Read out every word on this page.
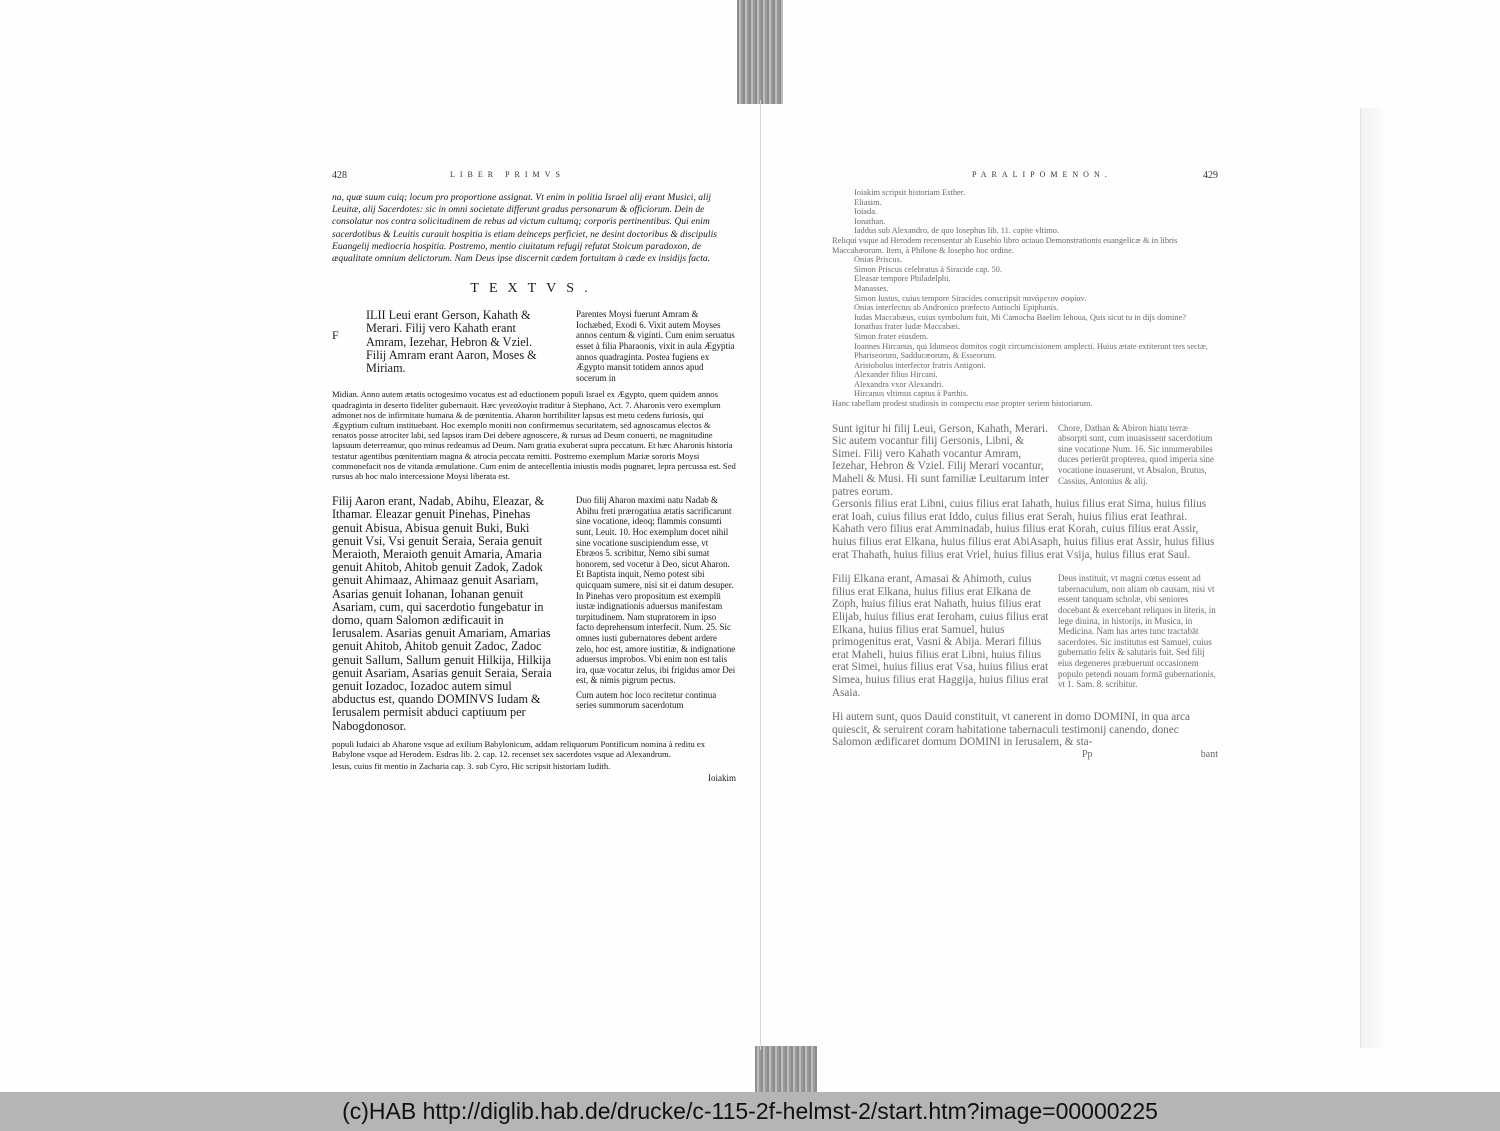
428	LIBER PRIMVS

na, quæ suum cuiq; locum pro proportione assignat. Vt enim in politia Israel alij erant Musici, alij Leuitæ, alij Sacerdotes: sic in omni societate differunt gradus personarum & officiorum. Dein de consolatur nos contra solicitudinem de rebus ad victum cultumq; corporis pertinentibus. Qui enim sacerdotibus & Leuitis curauit hospitia is etiam deinceps perficiet, ne desint doctoribus & discipulis Euangelij mediocria hospitia. Postremo, mentio ciuitatum refugij refutat Stoicum paradoxon, de æqualitate omnium delictorum. Nam Deus ipse discernit cædem fortuitam à cæde ex insidijs facta.

TEXTVS.
F

ILII Leui erant Gerson, Kahath & Merari. Filij vero Kahath erant Amram, Iezehar, Hebron & Vziel. Filij Amram erant Aaron, Moses & Miriam.

Parentes Moysi fuerunt Amram & Iochæbed, Exodi 6. Vixit autem Moyses annos centum & viginti. Cum enim seruatus esset à filia Pharaonis, vixit in aula Ægyptia annos quadraginta. Postea fugiens ex Ægypto mansit totidem annos apud socerum in

Midian. Anno autem ætatis octogesimo vocatus est ad eductionem populi Israel ex Ægypto, quem quidem annos quadraginta in deserto fideliter gubernauit. Hæc γενεαλογία traditur à Stephano, Act. 7. Aharonis vero exemplum admonet nos de infirmitate humana & de pœnitentia. Aharon horribiliter lapsus est metu cedens furiosis, qui Ægyptium cultum instituebant. Hoc exemplo moniti non confirmemus securitatem, sed agnoscamus electos & renatos posse atrociter labi, sed lapsos iram Dei debere agnoscere, & rursus ad Deum conuerti, ne magnitudine lapsuum deterreamur, quo minus redeamus ad Deum. Nam gratia exuberat supra peccatum. Et hæc Aharonis historia testatur agentibus pœnitentiam magna & atrocia peccata remitti. Postremo exemplum Mariæ sororis Moysi commonefacit nos de vitanda æmulatione. Cum enim de antecellentia iniustis modis pugnaret, lepra percussa est. Sed rursus ab hoc malo intercessione Moysi liberata est.

Filij Aaron erant, Nadab, Abihu, Eleazar, & Ithamar. Eleazar genuit Pinehas, Pinehas genuit Abisua, Abisua genuit Buki, Buki genuit Vsi, Vsi genuit Seraia, Seraia genuit Meraioth, Meraioth genuit Amaria, Amaria genuit Ahitob, Ahitob genuit Zadok, Zadok genuit Ahimaaz, Ahimaaz genuit Asariam, Asarias genuit Iohanan, Iohanan genuit Asariam, cum, qui sacerdotio fungebatur in domo, quam Salomon ædificauit in Ierusalem. Asarias genuit Amariam, Amarias genuit Ahitob, Ahitob genuit Zadoc, Zadoc genuit Sallum, Sallum genuit Hilkija, Hilkija genuit Asariam, Asarias genuit Seraia, Seraia genuit Iozadoc, Iozadoc autem simul abductus est, quando DOMINVS Iudam & Ierusalem permisit abduci captiuum per Nabogdonosor.

Duo filij Aharon maximi natu Nadab & Abihu freti prærogatiua ætatis sacrificarunt sine vocatione, ideoq; flammis consumti sunt, Leuit. 10. Hoc exemplum docet nihil sine vocatione suscipiendum esse, vt Ebræos 5. scribitur, Nemo sibi sumat honorem, sed vocetur à Deo, sicut Aharon. Et Baptista inquit, Nemo potest sibi quicquam sumere, nisi sit ei datum desuper. In Pinehas vero propositum est exemplū iustæ indignationis aduersus manifestam turpitudinem. Nam stupratorem in ipso facto deprehensum interfecit. Num. 25. Sic omnes iusti gubernatores debent ardere zelo, hoc est, amore iustitiæ, & indignatione aduersus improbos. Vbi enim non est talis ira, quæ vocatur zelus, ibi frigidus amor Dei est, & nimis pigrum pectus.

Cum autem hoc loco recitetur continua series summorum sacerdotum

populi Iudaici ab Aharone vsque ad exilium Babylonicum, addam reliquorum Pontificum nomina à reditu ex Babylone vsque ad Herodem. Esdras lib. 2. cap. 12. recenset sex sacerdotes vsque ad Alexandrum.

Iesus, cuius fit mentio in Zacharia cap. 3. sub Cyro, Hic scripsit historiam Iudith.

Ioiakim
PARALIPOMENON.	429
Ioiakim scripsit historiam Esther.
Eliasim.
Ioiada.
Ionathan.
Iaddus sub Alexandro, de quo Iosephus lib. 11. capite vltimo.
Reliqui vsque ad Herodem recensentur ab Eusebio libro octauo Demonstrationis euangelicæ & in libris Maccabæorum. Item, à Philone & Iosepho hoc ordine.
Onias Priscus.
Simon Priscus celebratus à Siracide cap. 50.
Eleasar tempore Philadelphi.
Manasses.
Simon Iustus, cuius tempore Siracides conscripsit πανάρετον σοφίαν.
Onias interfectus ab Andronico præfecto Antiochi Epiphanis.
Iudas Maccabæus, cuius symbolum fuit, Mi Camocha Baelim Iehoua, Quis sicut tu in dijs domine?
Ionathas frater Iudæ Maccabæi.
Simon frater eiusdem.
Ioannes Hircanus, qui Idumeos domitos cogit circumcisionem amplecti. Huius ætate extiterunt tres sectæ, Phariseorum, Sadducæorum, & Esseorum.
Aristobolus interfector fratris Antigoni.
Alexander filius Hircani.
Alexandra vxor Alexandri.
Hircanus vltimus captus à Parthis.
Hanc tabellam prodest studiosis in conspectu esse propter seriem historiarum.

Sunt igitur hi filij Leui, Gerson, Kahath, Merari. Sic autem vocantur filij Gersonis, Libni, & Simei. Filij vero Kahath vocantur Amram, Iezehar, Hebron & Vziel. Filij Merari vocantur, Maheli & Musi. Hi sunt familiæ Leuitarum inter patres eorum.

Chore, Dathan & Abiron hiatu terræ absorpti sunt, cum inuasissent sacerdotium sine vocatione Num. 16. Sic innumerabiles duces perierūt propterea, quod imperia sine vocatione inuaserunt, vt Absalon, Brutus, Cassius, Antonius & alij.

Gersonis filius erat Libni, cuius filius erat Iahath, huius filius erat Sima, huius filius erat Ioah, cuius filius erat Iddo, cuius filius erat Serah, huius filius erat Ieathrai. Kahath vero filius erat Amminadab, huius filius erat Korah, cuius filius erat Assir, huius filius erat Elkana, huius filius erat AbiAsaph, huius filius erat Assir, huius filius erat Thahath, huius filius erat Vriel, huius filius erat Vsija, huius filius erat Saul.

Filij Elkana erant, Amasai & Ahimoth, cuius filius erat Elkana, huius filius erat Elkana de Zoph, huius filius erat Nahath, huius filius erat Elijab, huius filius erat Ieroham, cuius filius erat Elkana, huius filius erat Samuel, huius primogenitus erat, Vasni & Abija. Merari filius erat Maheli, huius filius erat Libni, huius filius erat Simei, huius filius erat Vsa, huius filius erat Simea, huius filius erat Haggija, huius filius erat Asaia.

Deus instituit, vt magni cœtus essent ad tabernaculum, non aliam ob causam, nisi vt essent tanquam scholæ, vbi seniores docebant & exercebant reliquos in literis, in lege diuina, in historijs, in Musica, in Medicina. Nam has artes tunc tractabāt sacerdotes. Sic institutus est Samuel, cuius gubernatio felix & salutaris fuit. Sed filij eius degeneres præbuerunt occasionem populo petendi nouam formā gubernationis, vt 1. Sam. 8. scribitur.

Hi autem sunt, quos Dauid constituit, vt canerent in domo DOMINI, in qua arca quiescit, & seruirent coram habitatione tabernaculi testimonij canendo, donec Salomon ædificaret domum DOMINI in Ierusalem, & sta-

Pp	bant
(c)HAB http://diglib.hab.de/drucke/c-115-2f-helmst-2/start.htm?image=00000225
